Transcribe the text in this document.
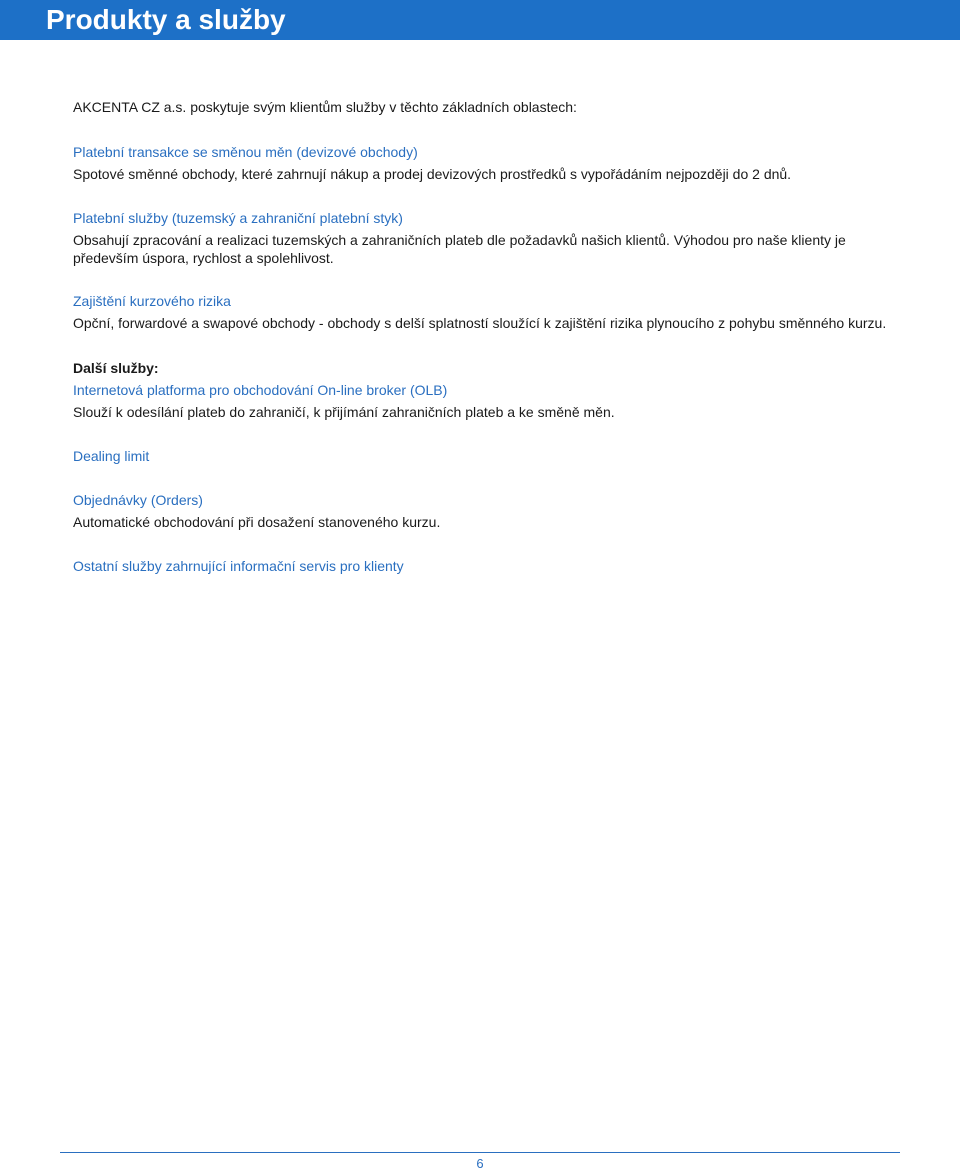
Produkty a služby
AKCENTA CZ a.s. poskytuje svým klientům služby v těchto základních oblastech:
Platební transakce se směnou měn (devizové obchody)
Spotové směnné obchody, které zahrnují nákup a prodej devizových prostředků s vypořádáním nejpozději do 2 dnů.
Platební služby (tuzemský a zahraniční platební styk)
Obsahují zpracování a realizaci tuzemských a zahraničních plateb dle požadavků našich klientů. Výhodou pro naše klienty je především úspora, rychlost a spolehlivost.
Zajištění kurzového rizika
Opční, forwardové a swapové obchody - obchody s delší splatností sloužící k zajištění rizika plynoucího z pohybu směnného kurzu.
Další služby:
Internetová platforma pro obchodování On-line broker (OLB)
Slouží k odesílání plateb do zahraničí, k přijímání zahraničních plateb a ke směně měn.
Dealing limit
Objednávky (Orders)
Automatické obchodování při dosažení stanoveného kurzu.
Ostatní služby zahrnující informační servis pro klienty
6
